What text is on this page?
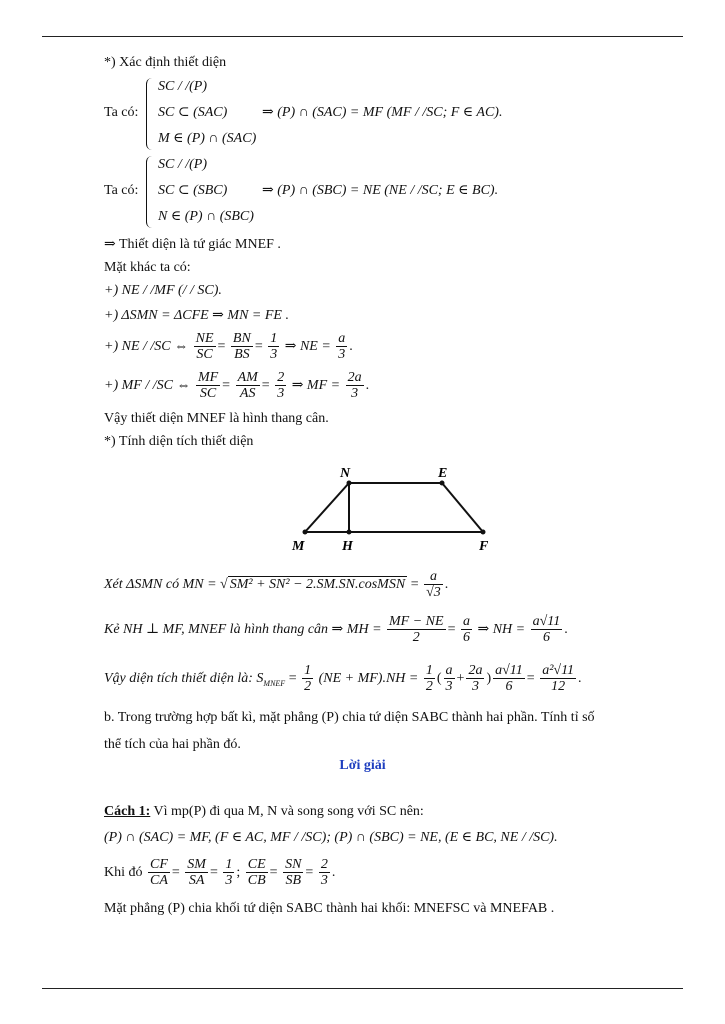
*) Xác định thiết diện
Ta có:
SC / /(P)
SC ⊂ (SAC)
M ∈ (P) ∩ (SAC)
⇒ (P) ∩ (SAC) = MF (MF / /SC; F ∈ AC).
Ta có:
SC / /(P)
SC ⊂ (SBC)
N ∈ (P) ∩ (SBC)
⇒ (P) ∩ (SBC) = NE (NE / /SC; E ∈ BC).
⇒ Thiết diện là tứ giác MNEF .
Mặt khác ta có:
+) NE / /MF (/ / SC).
+) ΔSMN = ΔCFE ⇒ MN = FE .
+) NE / /SC ⇔ $\frac{NE}{SC} = \frac{BN}{BS} = \frac{1}{3}$ ⇒ NE = $\frac{a}{3}$ .
+) MF / /SC ⇔ $\frac{MF}{SC} = \frac{AM}{AS} = \frac{2}{3}$ ⇒ MF = $\frac{2a}{3}$ .
Vậy thiết diện MNEF là hình thang cân.
*) Tính diện tích thiết diện
N	E
M	H	F
Xét ΔSMN có MN = √ SM² + SN² − 2.SM.SN.cosMSN = $\frac{a}{√3}$ .
Kẻ NH ⊥ MF, MNEF là hình thang cân ⇒ MH = $\frac{MF - NE}{2} = \frac{a}{6}$ ⇒ NH = $\frac{a√11}{6}$ .
Vậy diện tích thiết diện là: $S_{MNEF} = \frac{1}{2} (NE + MF).NH = \frac{1}{2}$ ( $\frac{a}{3} + \frac{2a}{3}$ ) $\frac{a√11}{6} = \frac{\text{a²√11}}{12}$ .
b. Trong trường hợp bất kì, mặt phẳng (P) chia tứ diện SABC thành hai phần. Tính tỉ số
thể tích của hai phần đó.
Lời giải
Cách 1: Vì mp(P) đi qua M, N và song song với SC nên:
(P) ∩ (SAC) = MF, (F ∈ AC, MF / /SC); (P) ∩ (SBC) = NE, (E ∈ BC, NE / /SC).
Khi đó $\frac{CF}{CA} = \frac{SM}{SA} = \frac{1}{3}$ ; $\frac{CE}{CB} = \frac{SN}{SB} = \frac{2}{3}$ .
Mặt phẳng (P) chia khối tứ diện SABC thành hai khối: MNEFSC và MNEFAB .
